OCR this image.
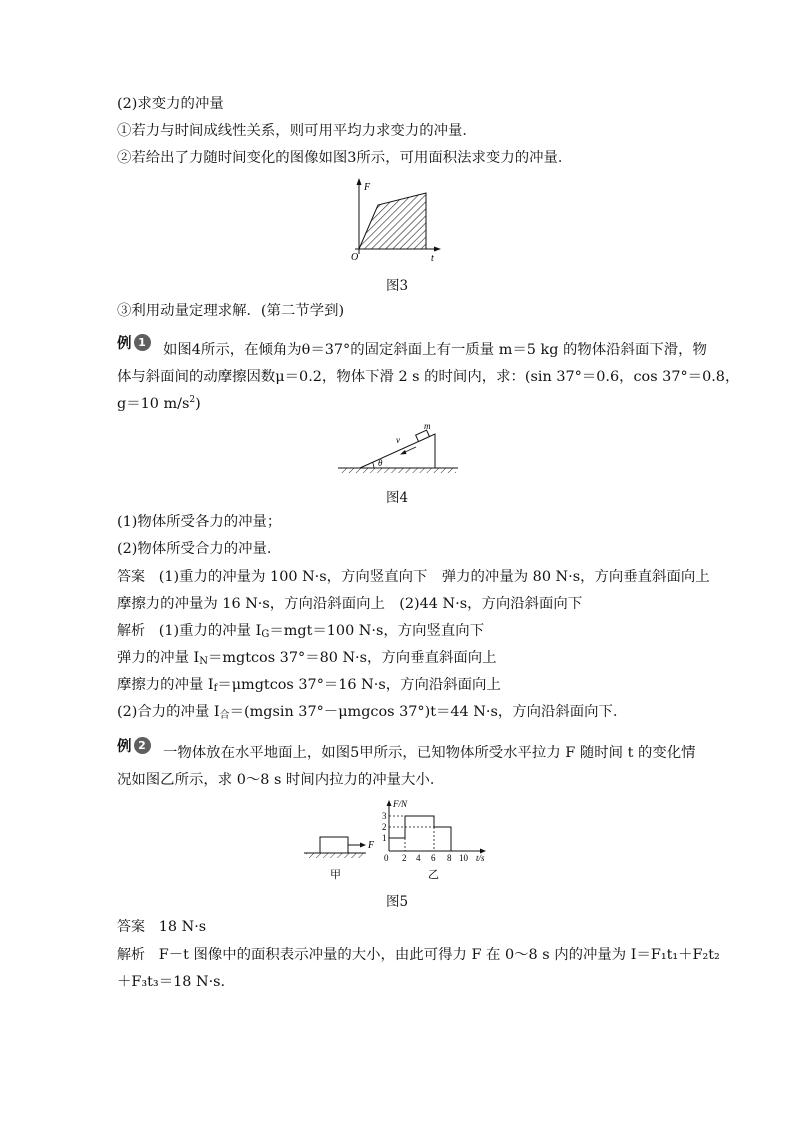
(2)求变力的冲量
①若力与时间成线性关系，则可用平均力求变力的冲量．
②若给出了力随时间变化的图像如图3所示，可用面积法求变力的冲量．
F
O	t
图3
③利用动量定理求解．(第二节学到)
例 1	如图4所示，在倾角为θ＝37°的固定斜面上有一质量 m＝5 kg 的物体沿斜面下滑，物
体与斜面间的动摩擦因数μ＝0.2，物体下滑 2 s 的时间内，求：(sin 37°＝0.6，cos 37°＝0.8，
g＝10 $m/s^2$)
m
v
θ
图4
(1)物体所受各力的冲量；
(2)物体所受合力的冲量．
答案 (1)重力的冲量为 100 N·s，方向竖直向下　弹力的冲量为 80 N·s，方向垂直斜面向上
摩擦力的冲量为 16 N·s，方向沿斜面向上　(2)44 N·s，方向沿斜面向下
解析 (1)重力的冲量 $I_G=mgt=100$ N·s，方向竖直向下
弹力的冲量 $I_N=mgtcos$ 37°＝80 N·s，方向垂直斜面向上
摩擦力的冲量 $I_f=\mu mgtcos$ 37°＝16 N·s，方向沿斜面向上
(2)合力的冲量 $I_合=(mgsin$ 37°－μmgcos 37°)t＝44 N·s，方向沿斜面向下．
例 2	一物体放在水平地面上，如图5甲所示，已知物体所受水平拉力 F 随时间 t 的变化情
况如图乙所示，求 0～8 s 时间内拉力的冲量大小．
F
甲
F/N
3
2
1
0 2 4 6 8 10 t/s
乙
图5
答案 18 N·s
解析 F－t 图像中的面积表示冲量的大小，由此可得力 F 在 0～8 s 内的冲量为 I＝F₁t₁＋F₂t₂
＋F₃t₃＝18 N·s.
